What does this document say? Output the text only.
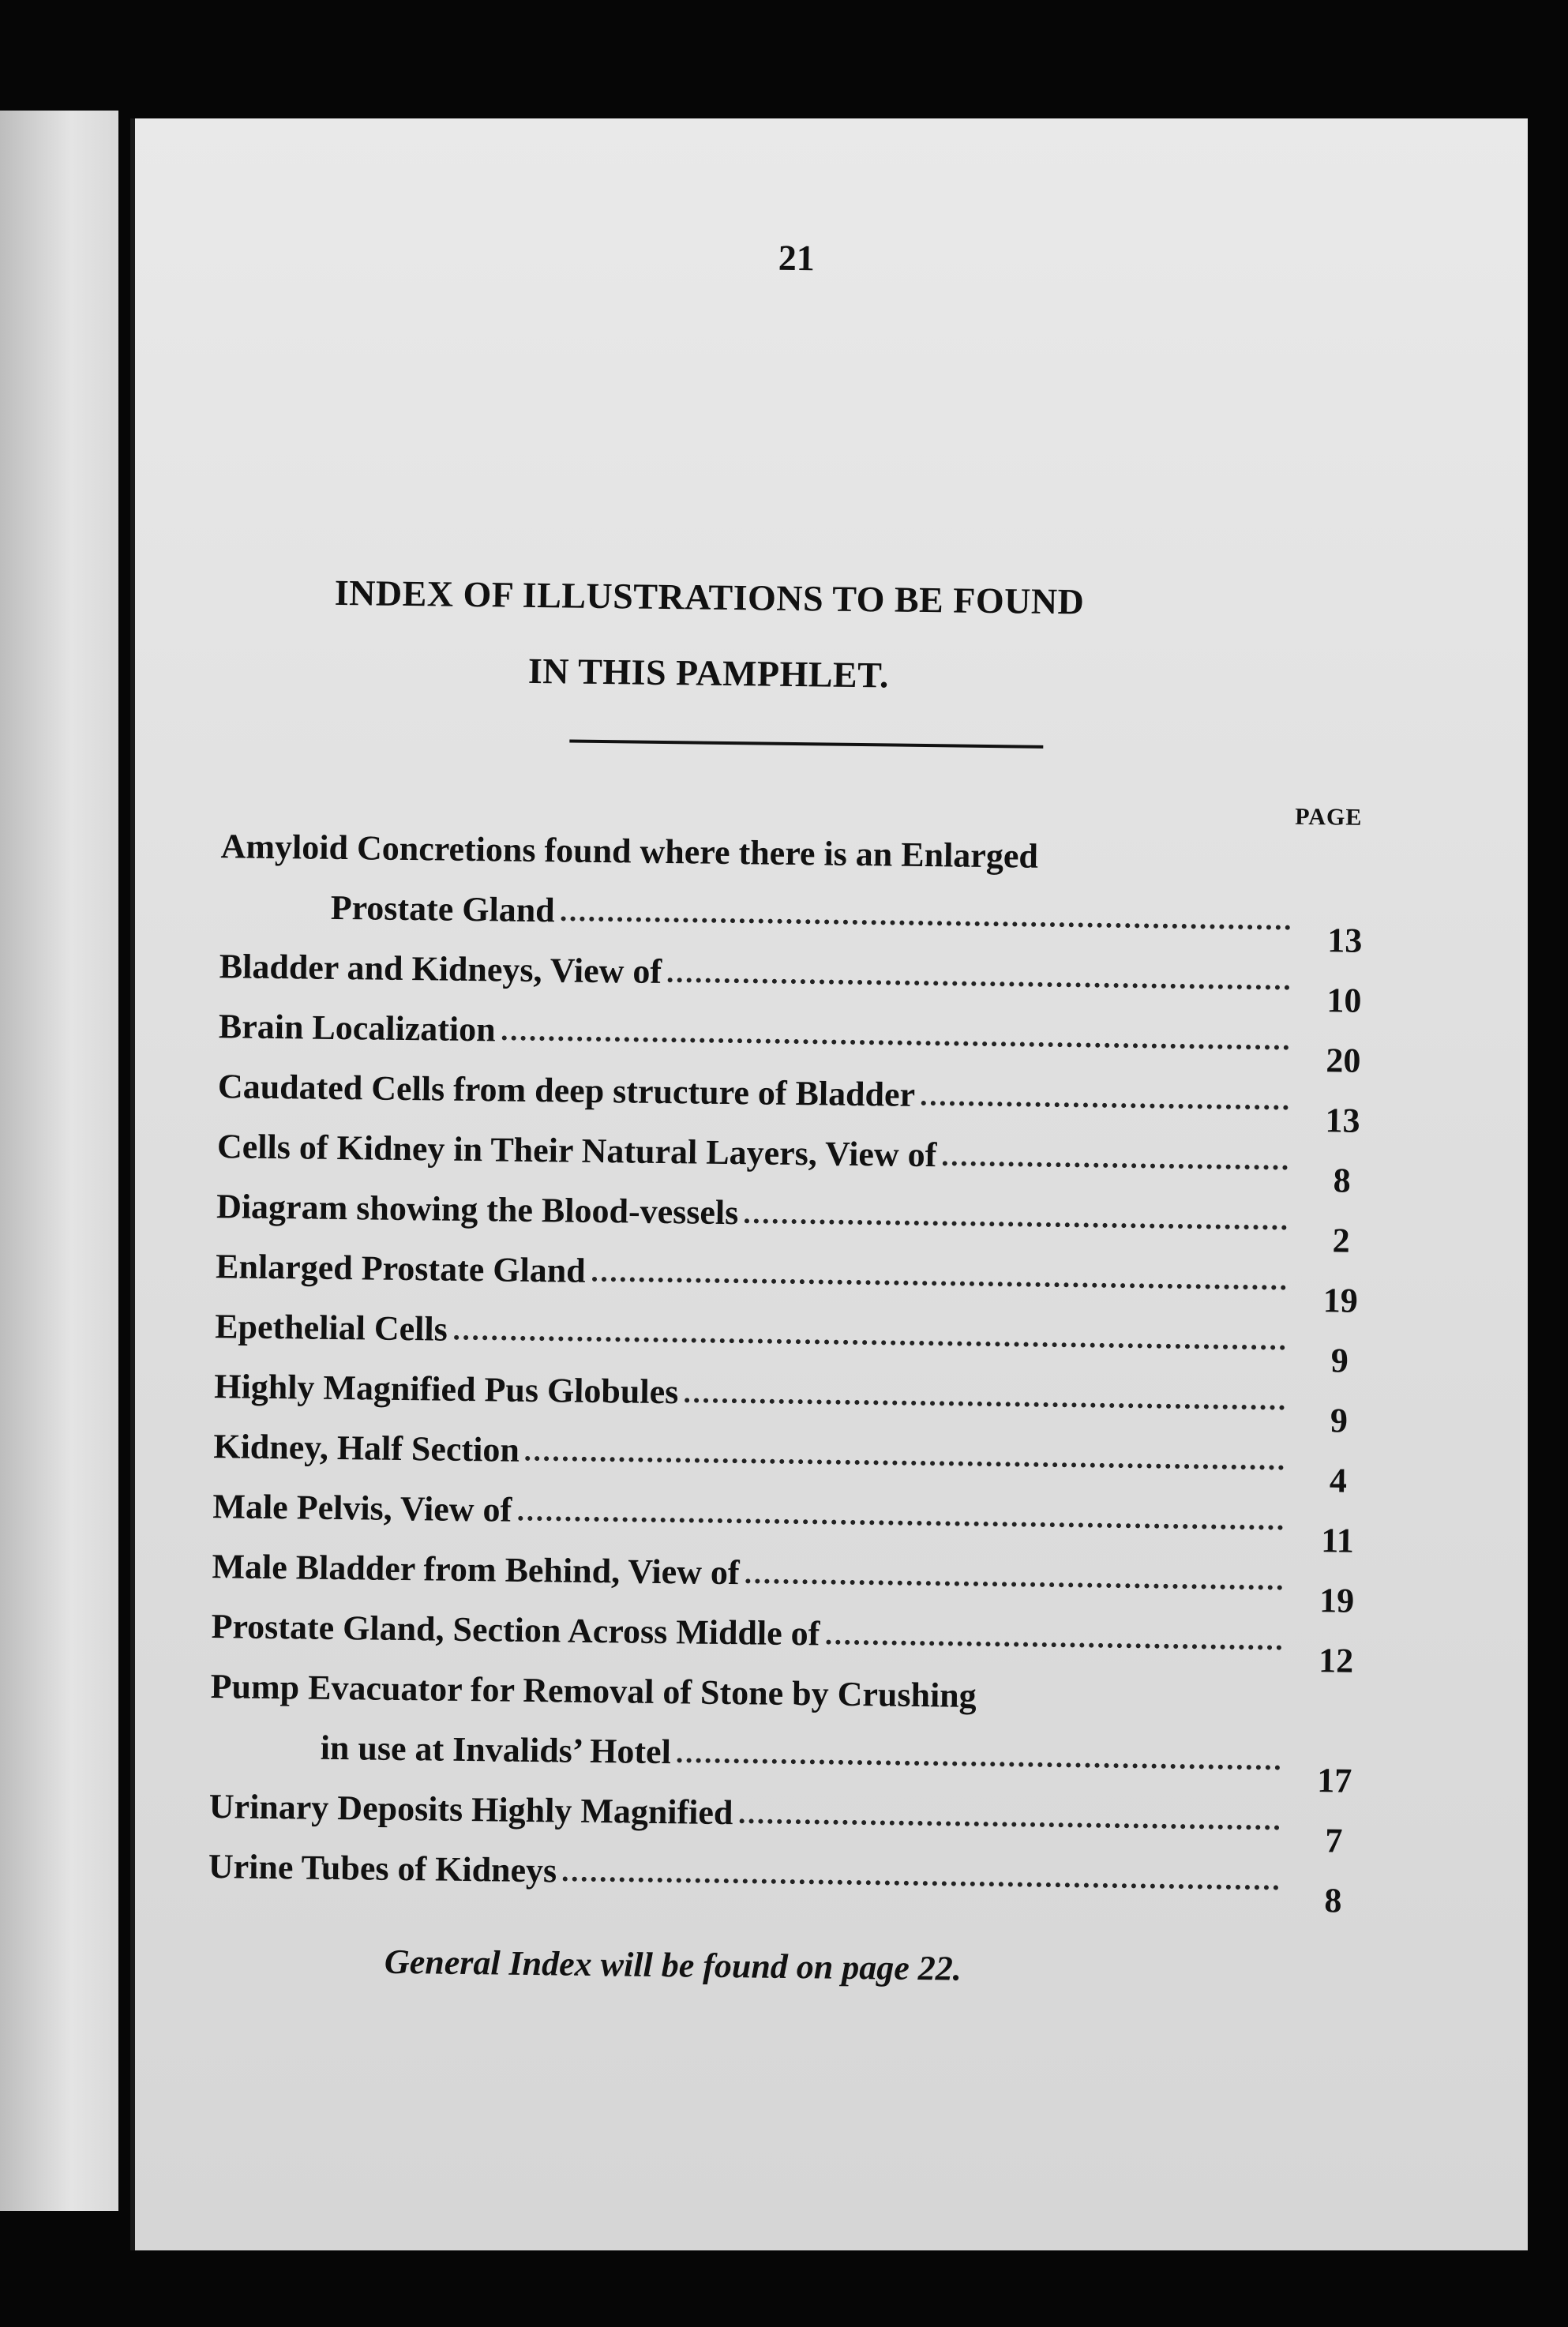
21
INDEX OF ILLUSTRATIONS TO BE FOUND
IN THIS PAMPHLET.
PAGE
Amyloid Concretions found where there is an Enlarged
Prostate Gland
13
Bladder and Kidneys, View of
10
Brain Localization
20
Caudated Cells from deep structure of Bladder
13
Cells of Kidney in Their Natural Layers, View of
8
Diagram showing the Blood-vessels
2
Enlarged Prostate Gland
19
Epethelial Cells
9
Highly Magnified Pus Globules
9
Kidney, Half Section
4
Male Pelvis, View of
11
Male Bladder from Behind, View of
19
Prostate Gland, Section Across Middle of
12
Pump Evacuator for Removal of Stone by Crushing
in use at Invalids’ Hotel
17
Urinary Deposits Highly Magnified
7
Urine Tubes of Kidneys
8
General Index will be found on page 22.
